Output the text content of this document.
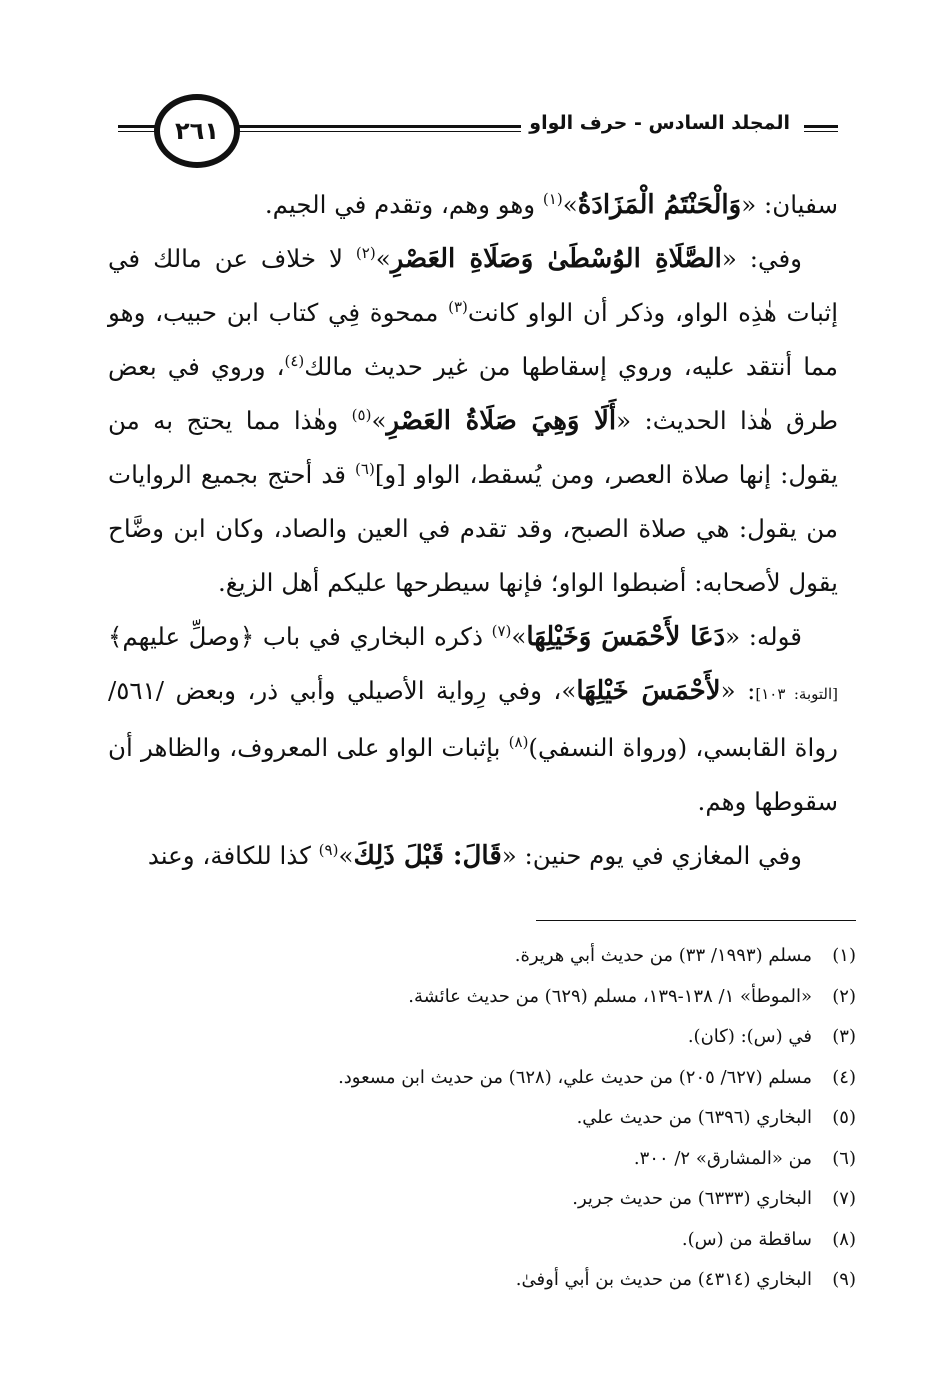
المجلد السادس - حرف الواو
٢٦١

سفيان: «وَالْحَنْتَمُ الْمَزَادَةُ»$^{(١)}$ وهو وهم، وتقدم في الجيم.

وفي: «الصَّلَاةِ الوُسْطَىٰ وَصَلَاةِ العَصْرِ»$^{(٢)}$ لا خلاف عن مالك في إثبات هٰذِه الواو، وذكر أن الواو كانت$^{(٣)}$ ممحوة فِي كتاب ابن حبيب، وهو مما أنتقد عليه، وروي إسقاطها من غير حديث مالك$^{(٤)}$، وروي في بعض طرق هٰذا الحديث: «أَلَا وَهِيَ صَلَاةُ العَصْرِ»$^{(٥)}$ وهٰذا مما يحتج به من يقول: إنها صلاة العصر، ومن يُسقط، الواو [و]$^{(٦)}$ قد أحتج بجميع الروايات من يقول: هي صلاة الصبح، وقد تقدم في العين والصاد، وكان ابن وضَّاح يقول لأصحابه: أضبطوا الواو؛ فإنها سيطرحها عليكم أهل الزيغ.

قوله: «دَعَا لأَحْمَسَ وَخَيْلِهَا»$^{(٧)}$ ذكره البخاري في باب ﴿وصلِّ عليهم﴾ [التوبة: ١٠٣]: «لأَحْمَسَ خَيْلِهَا»، وفي رِواية الأصيلي وأبي ذر، وبعض /٥٦١/ رواة القابسي، (ورواة النسفي)$^{(٨)}$ بإثبات الواو على المعروف، والظاهر أن سقوطها وهم.

وفي المغازي في يوم حنين: «قَالَ: قَبْلَ ذَلِكَ»$^{(٩)}$ كذا للكافة، وعند

(١)مسلم (١٩٩٣/ ٣٣) من حديث أبي هريرة.
(٢)«الموطأ» ١/ ١٣٨-١٣٩، مسلم (٦٢٩) من حديث عائشة.
(٣)في (س): (كان).
(٤)مسلم (٦٢٧/ ٢٠٥) من حديث علي، (٦٢٨) من حديث ابن مسعود.
(٥)البخاري (٦٣٩٦) من حديث علي.
(٦)من «المشارق» ٢/ ٣٠٠.
(٧)البخاري (٦٣٣٣) من حديث جرير.
(٨)ساقطة من (س).
(٩)البخاري (٤٣١٤) من حديث بن أبي أوفىٰ.
